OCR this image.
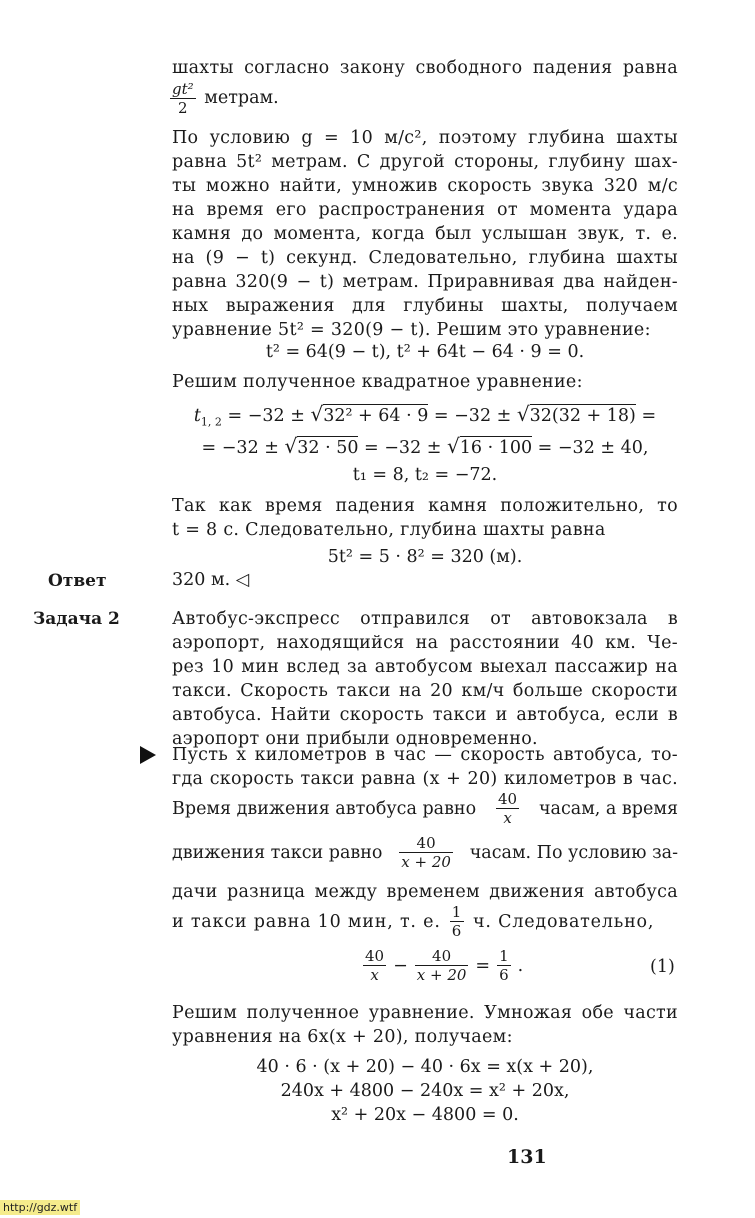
шахты согласно закону свободного падения равна
$\frac{\text{gt²}}{2}$ метрам.
По условию g = 10 м/с², поэтому глубина шахты
равна 5t² метрам. С другой стороны, глубину шах-
ты можно найти, умножив скорость звука 320 м/с
на время его распространения от момента удара
камня до момента, когда был услышан звук, т. е.
на (9 − t) секунд. Следовательно, глубина шахты
равна 320(9 − t) метрам. Приравнивая два найден-
ных выражения для глубины шахты, получаем
уравнение 5t² = 320(9 − t). Решим это уравнение:
t² = 64(9 − t), t² + 64t − 64 · 9 = 0.
Решим полученное квадратное уравнение:
$t_{1, 2} = -32 \pm √32^2 + 64 \cdot 9 = -32 \pm √32(32 + 18)$ =
= −32 ± √32 · 50 = −32 ± √16 · 100 = −32 ± 40,
t₁ = 8, t₂ = −72.
Так как время падения камня положительно, то
t = 8 с. Следовательно, глубина шахты равна
5t² = 5 · 8² = 320 (м).
Ответ	320 м. ◁
Задача 2	Автобус-экспресс отправился от автовокзала в
аэропорт, находящийся на расстоянии 40 км. Че-
рез 10 мин вслед за автобусом выехал пассажир на
такси. Скорость такси на 20 км/ч больше скорости
автобуса. Найти скорость такси и автобуса, если в
аэропорт они прибыли одновременно.
Пусть x километров в час — скорость автобуса, то-
гда скорость такси равна (x + 20) километров в час.
Время движения автобуса равно $\frac{40}{x}$ часам, а время
движения такси равно $\frac{40}{x + 20}$ часам. По условию за-
дачи разница между временем движения автобуса
и такси равна 10 мин, т. е. $\frac{1}{6} ч$. Следовательно,
$\frac{40}{x} - \frac{40}{x + 20} = \frac{1}{6}$ .	(1)
Решим полученное уравнение. Умножая обе части
уравнения на 6x(x + 20), получаем:
40 · 6 · (x + 20) − 40 · 6x = x(x + 20),
240x + 4800 − 240x = x² + 20x,
x² + 20x − 4800 = 0.
131
http://gdz.wtf
